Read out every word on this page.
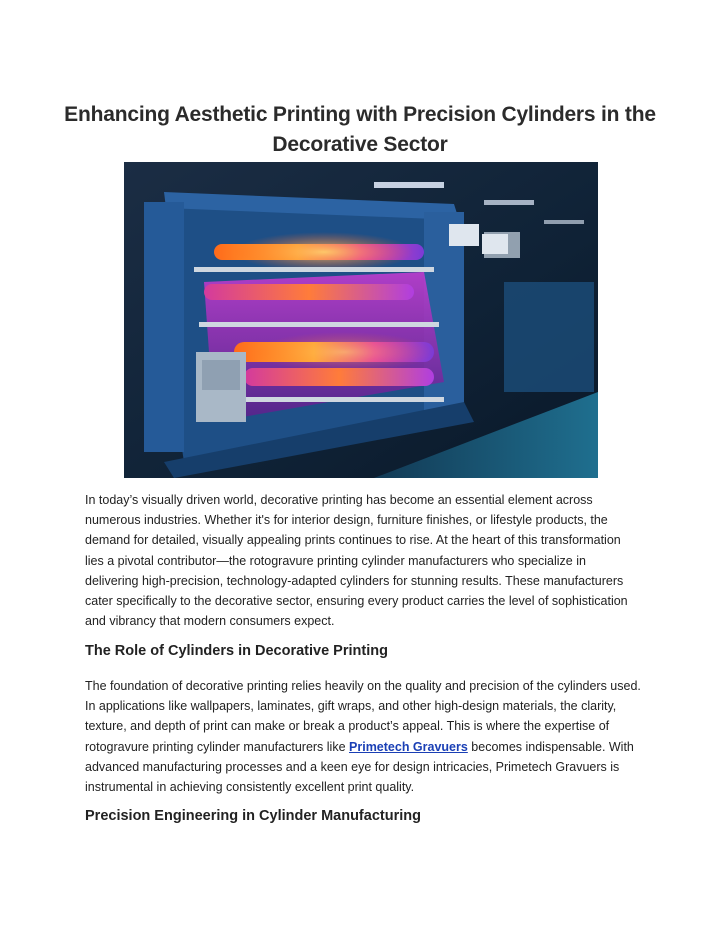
Enhancing Aesthetic Printing with Precision Cylinders in the Decorative Sector

In today’s visually driven world, decorative printing has become an essential element across numerous industries. Whether it's for interior design, furniture finishes, or lifestyle products, the demand for detailed, visually appealing prints continues to rise. At the heart of this transformation lies a pivotal contributor—the rotogravure printing cylinder manufacturers who specialize in delivering high-precision, technology-adapted cylinders for stunning results. These manufacturers cater specifically to the decorative sector, ensuring every product carries the level of sophistication and vibrancy that modern consumers expect.

The Role of Cylinders in Decorative Printing

The foundation of decorative printing relies heavily on the quality and precision of the cylinders used. In applications like wallpapers, laminates, gift wraps, and other high-design materials, the clarity, texture, and depth of print can make or break a product’s appeal. This is where the expertise of rotogravure printing cylinder manufacturers like Primetech Gravuers becomes indispensable. With advanced manufacturing processes and a keen eye for design intricacies, Primetech Gravuers is instrumental in achieving consistently excellent print quality.

Precision Engineering in Cylinder Manufacturing
